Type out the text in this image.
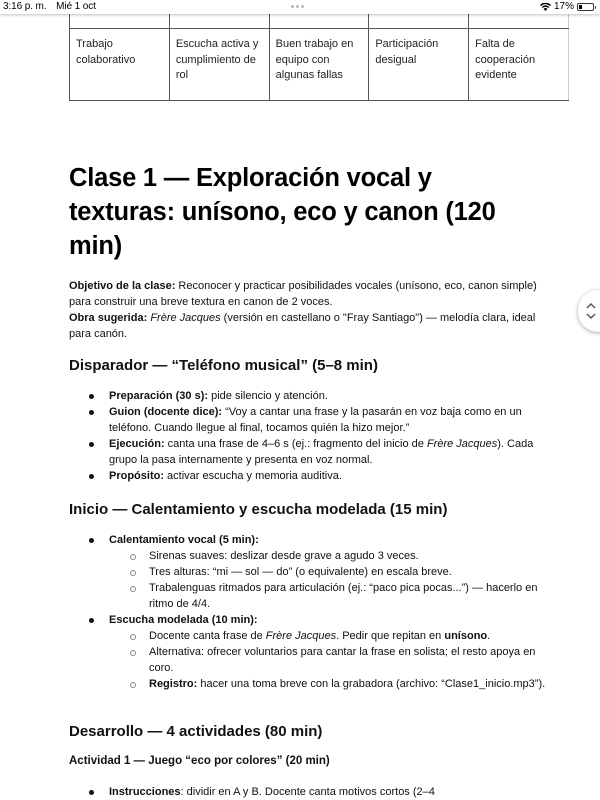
3:16 p. m. Mié 1 oct	17%

Trabajo colaborativo	Escucha activa y cumplimiento de rol	Buen trabajo en equipo con algunas fallas	Participación desigual	Falta de cooperación evidente
Clase 1 — Exploración vocal y texturas: unísono, eco y canon (120 min)
Objetivo de la clase: Reconocer y practicar posibilidades vocales (unísono, eco, canon simple) para construir una breve textura en canon de 2 voces.
Obra sugerida: Frère Jacques (versión en castellano o "Fray Santiago") — melodía clara, ideal para canón.
Disparador — “Teléfono musical” (5–8 min)
Preparación (30 s): pide silencio y atención.
Guion (docente dice): “Voy a cantar una frase y la pasarán en voz baja como en un teléfono. Cuando llegue al final, tocamos quién la hizo mejor.”
Ejecución: canta una frase de 4–6 s (ej.: fragmento del inicio de Frère Jacques). Cada grupo la pasa internamente y presenta en voz normal.
Propósito: activar escucha y memoria auditiva.
Inicio — Calentamiento y escucha modelada (15 min)
Calentamiento vocal (5 min):
Sirenas suaves: deslizar desde grave a agudo 3 veces.
Tres alturas: “mi — sol — do” (o equivalente) en escala breve.
Trabalenguas ritmados para articulación (ej.: “paco pica pocas...”) — hacerlo en ritmo de 4/4.
Escucha modelada (10 min):
Docente canta frase de Frère Jacques. Pedir que repitan en unísono.
Alternativa: ofrecer voluntarios para cantar la frase en solista; el resto apoya en coro.
Registro: hacer una toma breve con la grabadora (archivo: “Clase1_inicio.mp3”).
Desarrollo — 4 actividades (80 min)
Actividad 1 — Juego “eco por colores” (20 min)
Instrucciones: dividir en A y B. Docente canta motivos cortos (2–4
